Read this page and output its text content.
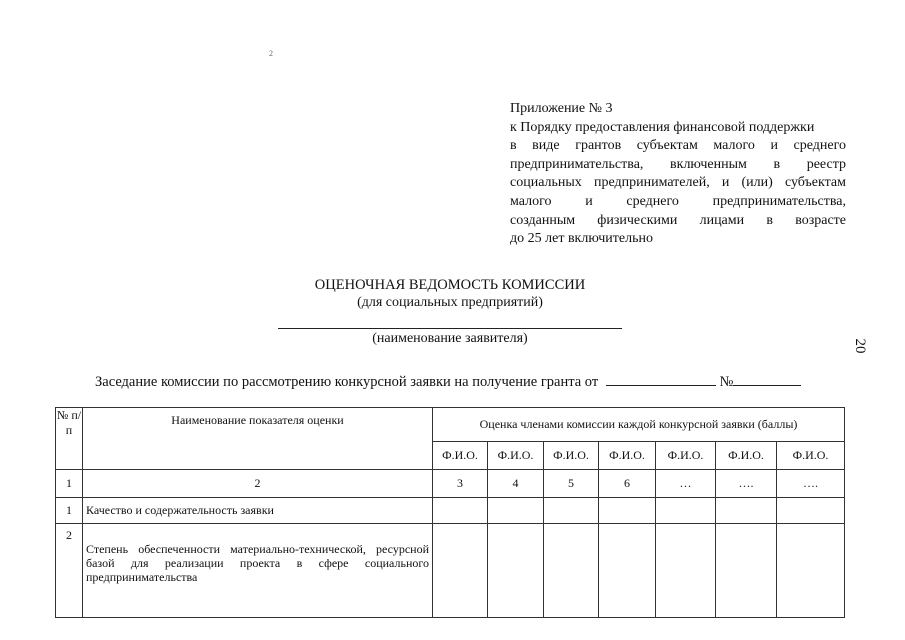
2
Приложение № 3
к Порядку предоставления финансовой поддержки
в виде грантов субъектам малого и среднего
предпринимательства, включенным в реестр
социальных предпринимателей, и (или) субъектам
малого и среднего предпринимательства,
созданным физическими лицами в возрасте
до 25 лет включительно
ОЦЕНОЧНАЯ ВЕДОМОСТЬ КОМИССИИ
(для социальных предприятий)
(наименование заявителя)	20
Заседание комиссии по рассмотрению конкурсной заявки на получение гранта от	№
№ п/п	Наименование показателя оценки	Оценка членами комиссии каждой конкурсной заявки (баллы)						
		Ф.И.О.	Ф.И.О.	Ф.И.О.	Ф.И.О.	Ф.И.О.	Ф.И.О.	Ф.И.О.
1	2	3	4	5	6	…	….	….
1	Качество и содержательность заявки							
2	Степень обеспеченности материально-технической, ресурсной базой для реализации проекта в сфере социального предпринимательства							
